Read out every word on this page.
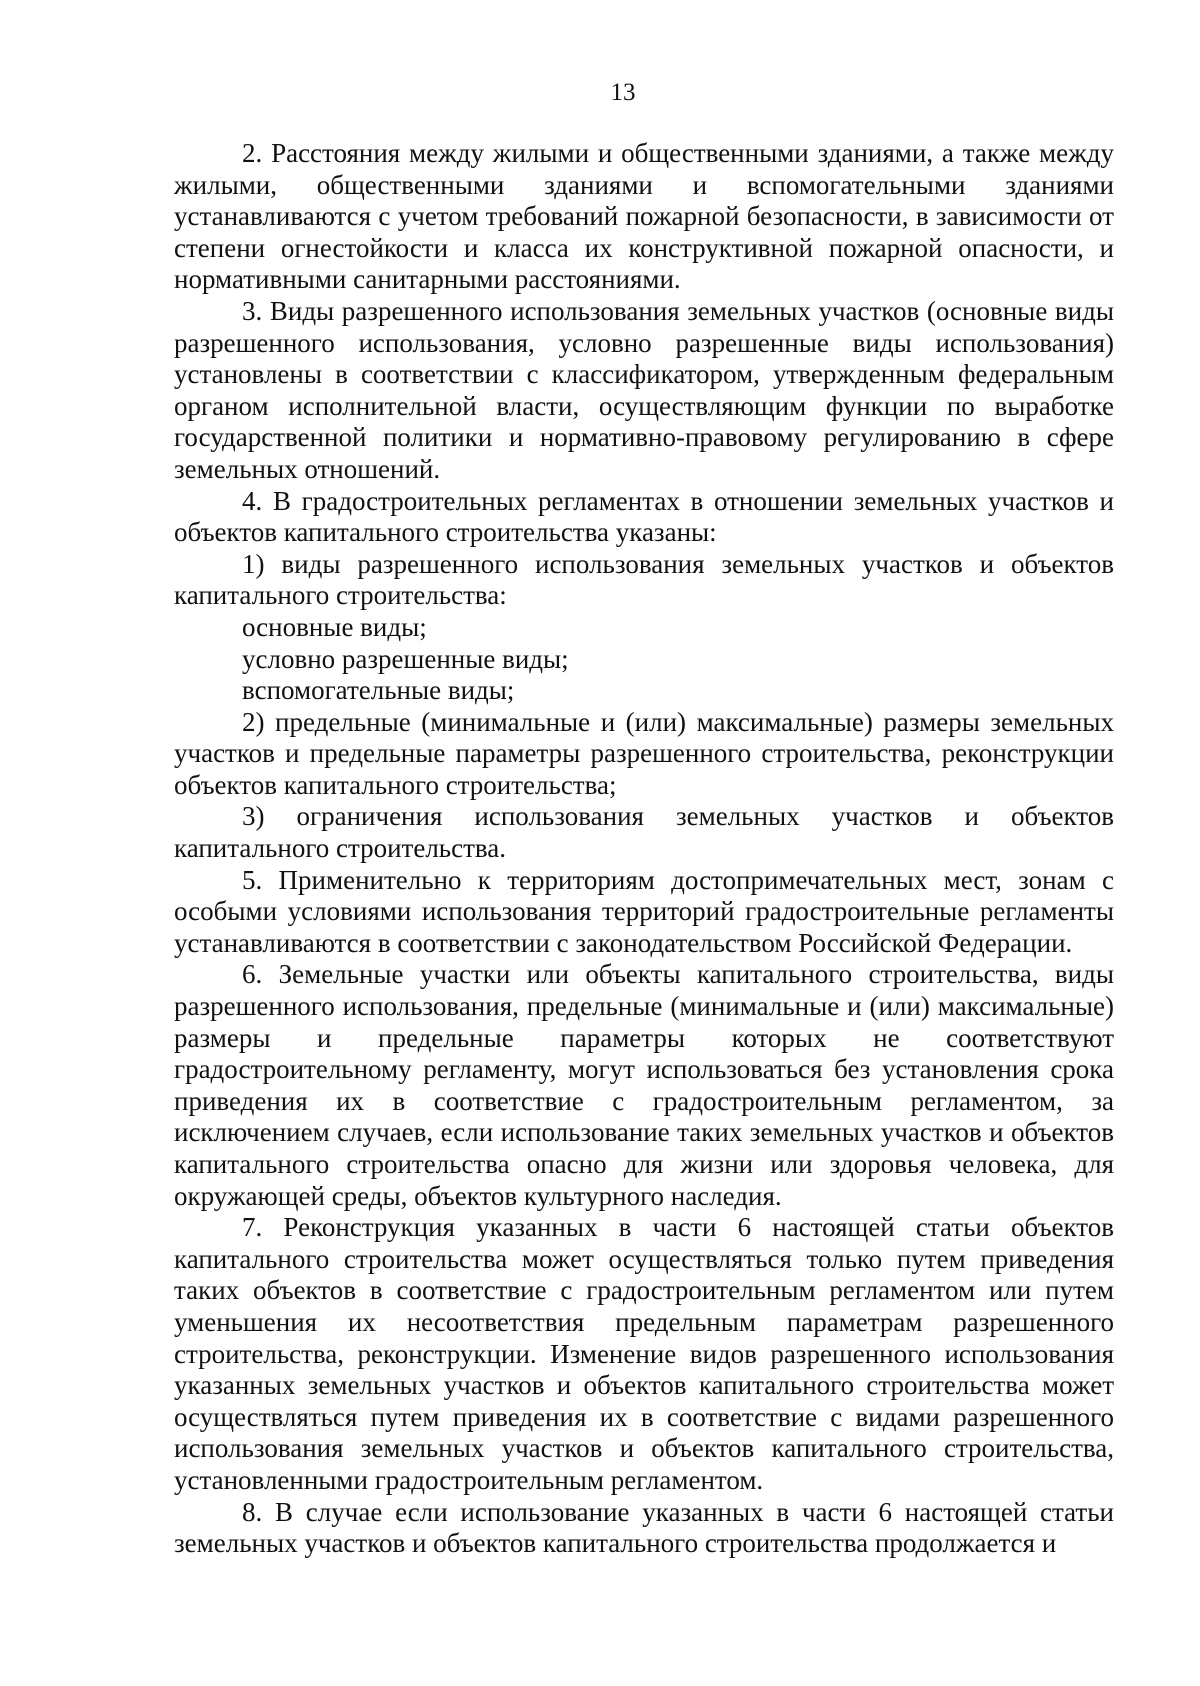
13

2. Расстояния между жилыми и общественными зданиями, а также между жилыми, общественными зданиями и вспомогательными зданиями устанавливаются с учетом требований пожарной безопасности, в зависимости от степени огнестойкости и класса их конструктивной пожарной опасности, и нормативными санитарными расстояниями.

3. Виды разрешенного использования земельных участков (основные виды разрешенного использования, условно разрешенные виды использования) установлены в соответствии с классификатором, утвержденным федеральным органом исполнительной власти, осуществляющим функции по выработке государственной политики и нормативно-правовому регулированию в сфере земельных отношений.

4. В градостроительных регламентах в отношении земельных участков и объектов капитального строительства указаны:

1) виды разрешенного использования земельных участков и объектов капитального строительства:

основные виды;

условно разрешенные виды;

вспомогательные виды;

2) предельные (минимальные и (или) максимальные) размеры земельных участков и предельные параметры разрешенного строительства, реконструкции объектов капитального строительства;

3) ограничения использования земельных участков и объектов капитального строительства.

5. Применительно к территориям достопримечательных мест, зонам с особыми условиями использования территорий градостроительные регламенты устанавливаются в соответствии с законодательством Российской Федерации.

6. Земельные участки или объекты капитального строительства, виды разрешенного использования, предельные (минимальные и (или) максимальные) размеры и предельные параметры которых не соответствуют градостроительному регламенту, могут использоваться без установления срока приведения их в соответствие с градостроительным регламентом, за исключением случаев, если использование таких земельных участков и объектов капитального строительства опасно для жизни или здоровья человека, для окружающей среды, объектов культурного наследия.

7. Реконструкция указанных в части 6 настоящей статьи объектов капитального строительства может осуществляться только путем приведения таких объектов в соответствие с градостроительным регламентом или путем уменьшения их несоответствия предельным параметрам разрешенного строительства, реконструкции. Изменение видов разрешенного использования указанных земельных участков и объектов капитального строительства может осуществляться путем приведения их в соответствие с видами разрешенного использования земельных участков и объектов капитального строительства, установленными градостроительным регламентом.

8. В случае если использование указанных в части 6 настоящей статьи земельных участков и объектов капитального строительства продолжается и
